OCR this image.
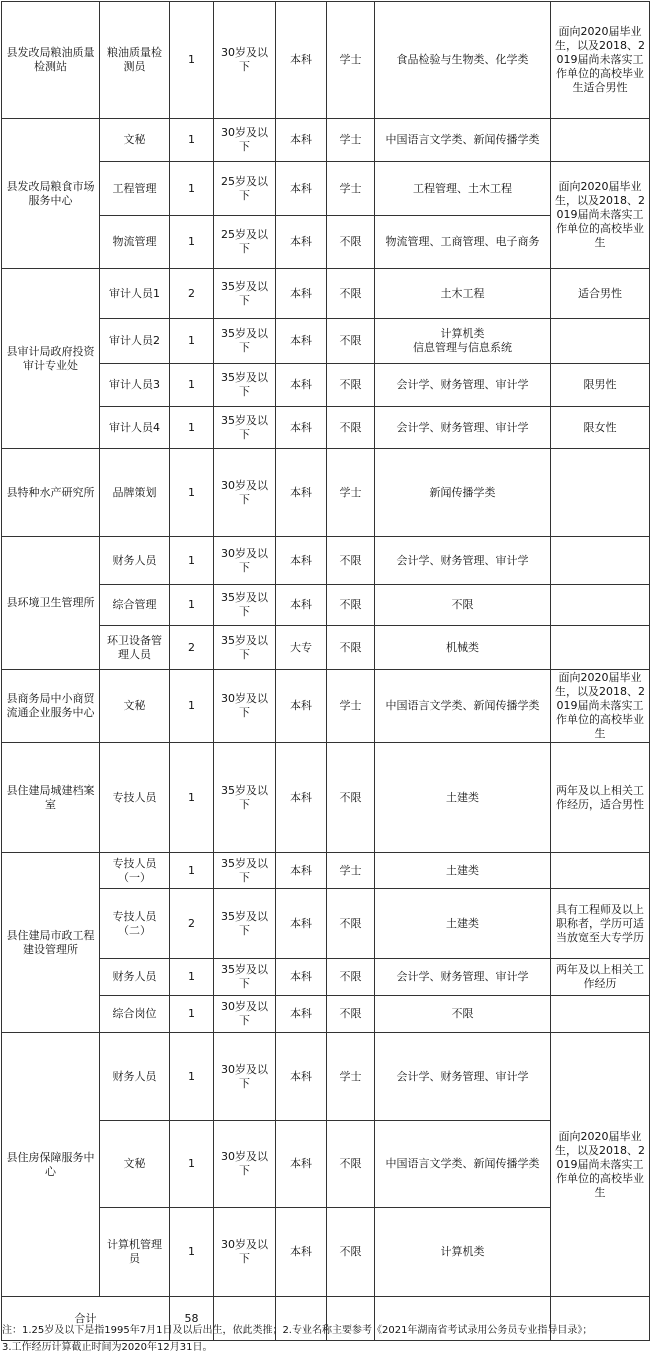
县发改局粮油质量检测站	粮油质量检测员	1	30岁及以下	本科	学士	食品检验与生物类、化学类	面向2020届毕业生，以及2018、2019届尚未落实工作单位的高校毕业生适合男性
县发改局粮食市场服务中心	文秘	1	30岁及以下	本科	学士	中国语言文学类、新闻传播学类	
	工程管理	1	25岁及以下	本科	学士	工程管理、土木工程	面向2020届毕业生，以及2018、2019届尚未落实工作单位的高校毕业生
	物流管理	1	25岁及以下	本科	不限	物流管理、工商管理、电子商务	
县审计局政府投资审计专业处	审计人员1	2	35岁及以下	本科	不限	土木工程	适合男性
	审计人员2	1	35岁及以下	本科	不限	计算机类
信息管理与信息系统	
	审计人员3	1	35岁及以下	本科	不限	会计学、财务管理、审计学	限男性
	审计人员4	1	35岁及以下	本科	不限	会计学、财务管理、审计学	限女性
县特种水产研究所	品牌策划	1	30岁及以下	本科	学士	新闻传播学类	
县环境卫生管理所	财务人员	1	30岁及以下	本科	不限	会计学、财务管理、审计学	
	综合管理	1	35岁及以下	本科	不限	不限	
	环卫设备管理人员	2	35岁及以下	大专	不限	机械类	
县商务局中小商贸流通企业服务中心	文秘	1	30岁及以下	本科	学士	中国语言文学类、新闻传播学类	面向2020届毕业生，以及2018、2019届尚未落实工作单位的高校毕业生
县住建局城建档案室	专技人员	1	35岁及以下	本科	不限	土建类	两年及以上相关工作经历，适合男性
县住建局市政工程建设管理所	专技人员（一）	1	35岁及以下	本科	学士	土建类	
	专技人员（二）	2	35岁及以下	本科	不限	土建类	具有工程师及以上职称者，学历可适当放宽至大专学历
	财务人员	1	35岁及以下	本科	不限	会计学、财务管理、审计学	两年及以上相关工作经历
	综合岗位	1	30岁及以下	本科	不限	不限	
县住房保障服务中心	财务人员	1	30岁及以下	本科	学士	会计学、财务管理、审计学	面向2020届毕业生，以及2018、2019届尚未落实工作单位的高校毕业生
	文秘	1	30岁及以下	本科	不限	中国语言文学类、新闻传播学类	
	计算机管理员	1	30岁及以下	本科	不限	计算机类	
合计		58					
注：1.25岁及以下是指1995年7月1日及以后出生，依此类推；2.专业名称主要参考《2021年湖南省考试录用公务员专业指导目录》；
3.工作经历计算截止时间为2020年12月31日。
